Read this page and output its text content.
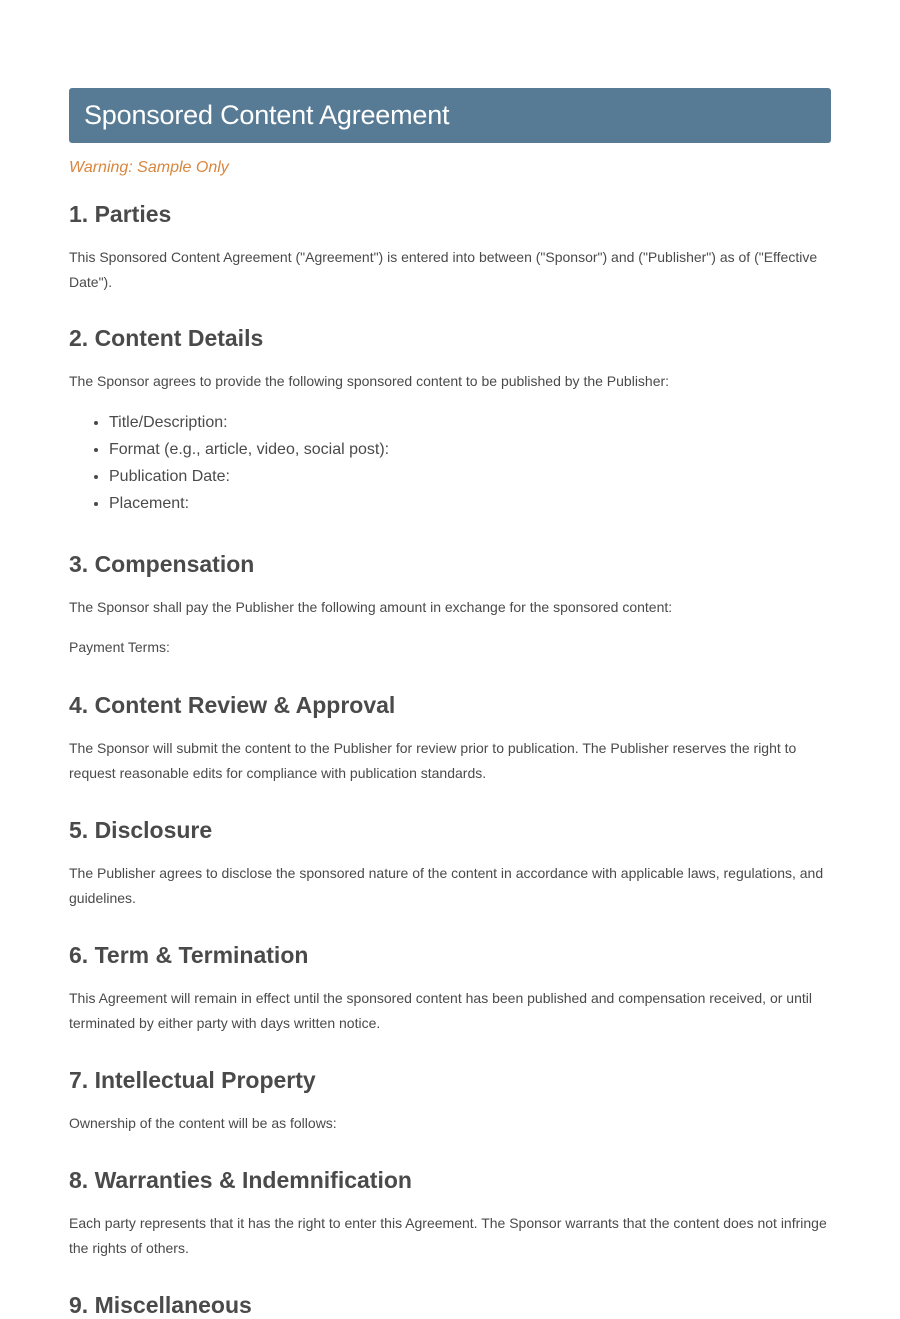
Sponsored Content Agreement
Warning: Sample Only
1. Parties

This Sponsored Content Agreement ("Agreement") is entered into between ("Sponsor") and ("Publisher") as of ("Effective Date").

2. Content Details

The Sponsor agrees to provide the following sponsored content to be published by the Publisher:

• Title/Description:
• Format (e.g., article, video, social post):
• Publication Date:
• Placement:
3. Compensation

The Sponsor shall pay the Publisher the following amount in exchange for the sponsored content:

Payment Terms:

4. Content Review & Approval

The Sponsor will submit the content to the Publisher for review prior to publication. The Publisher reserves the right to request reasonable edits for compliance with publication standards.

5. Disclosure

The Publisher agrees to disclose the sponsored nature of the content in accordance with applicable laws, regulations, and guidelines.

6. Term & Termination

This Agreement will remain in effect until the sponsored content has been published and compensation received, or until terminated by either party with days written notice.

7. Intellectual Property

Ownership of the content will be as follows:

8. Warranties & Indemnification

Each party represents that it has the right to enter this Agreement. The Sponsor warrants that the content does not infringe the rights of others.

9. Miscellaneous
